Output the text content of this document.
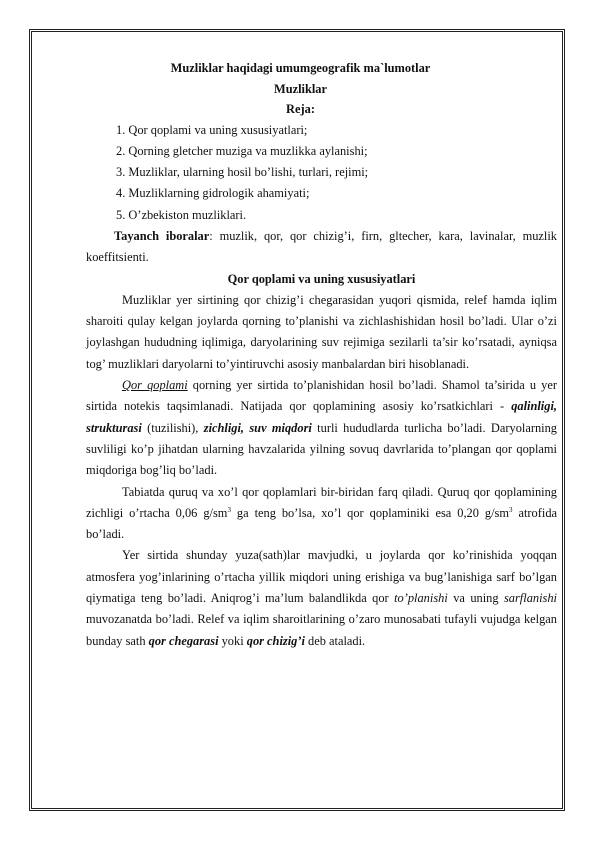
Muzliklar haqidagi umumgeografik ma`lumotlar
Muzliklar
Reja:
1. Qor qoplami va uning xususiyatlari;
2. Qorning gletcher muziga va muzlikka aylanishi;
3. Muzliklar, ularning hosil bo’lishi, turlari, rejimi;
4. Muzliklarning gidrologik ahamiyati;
5. O’zbekiston muzliklari.

Tayanch iboralar: muzlik, qor, qor chizig’i, firn, gltecher, kara, lavinalar, muzlik koeffitsienti.

Qor qoplami va uning xususiyatlari

Muzliklar yer sirtining qor chizig’i chegarasidan yuqori qismida, relef hamda iqlim sharoiti qulay kelgan joylarda qorning to’planishi va zichlashishidan hosil bo’ladi. Ular o’zi joylashgan hududning iqlimiga, daryolarining suv rejimiga sezilarli ta’sir ko’rsatadi, ayniqsa tog’ muzliklari daryolarni to’yintiruvchi asosiy manbalardan biri hisoblanadi.

Qor qoplami qorning yer sirtida to’planishidan hosil bo’ladi. Shamol ta’sirida u yer sirtida notekis taqsimlanadi. Natijada qor qoplamining asosiy ko’rsatkichlari - qalinligi, strukturasi (tuzilishi), zichligi, suv miqdori turli hududlarda turlicha bo’ladi. Daryolarning suvliligi ko’p jihatdan ularning havzalarida yilning sovuq davrlarida to’plangan qor qoplami miqdoriga bog’liq bo’ladi.

Tabiatda quruq va xo’l qor qoplamlari bir-biridan farq qiladi. Quruq qor qoplamining zichligi o’rtacha 0,06 $g/sm^3$ ga teng bo’lsa, xo’l qor qoplaminiki esa 0,20 $g/sm^3$ atrofida bo’ladi.

Yer sirtida shunday yuza(sath)lar mavjudki, u joylarda qor ko’rinishida yoqqan atmosfera yog’inlarining o’rtacha yillik miqdori uning erishiga va bug’lanishiga sarf bo’lgan qiymatiga teng bo’ladi. Aniqrog’i ma’lum balandlikda qor to’planishi va uning sarflanishi muvozanatda bo’ladi. Relef va iqlim sharoitlarining o’zaro munosabati tufayli vujudga kelgan bunday sath qor chegarasi yoki qor chizig’i deb ataladi.
